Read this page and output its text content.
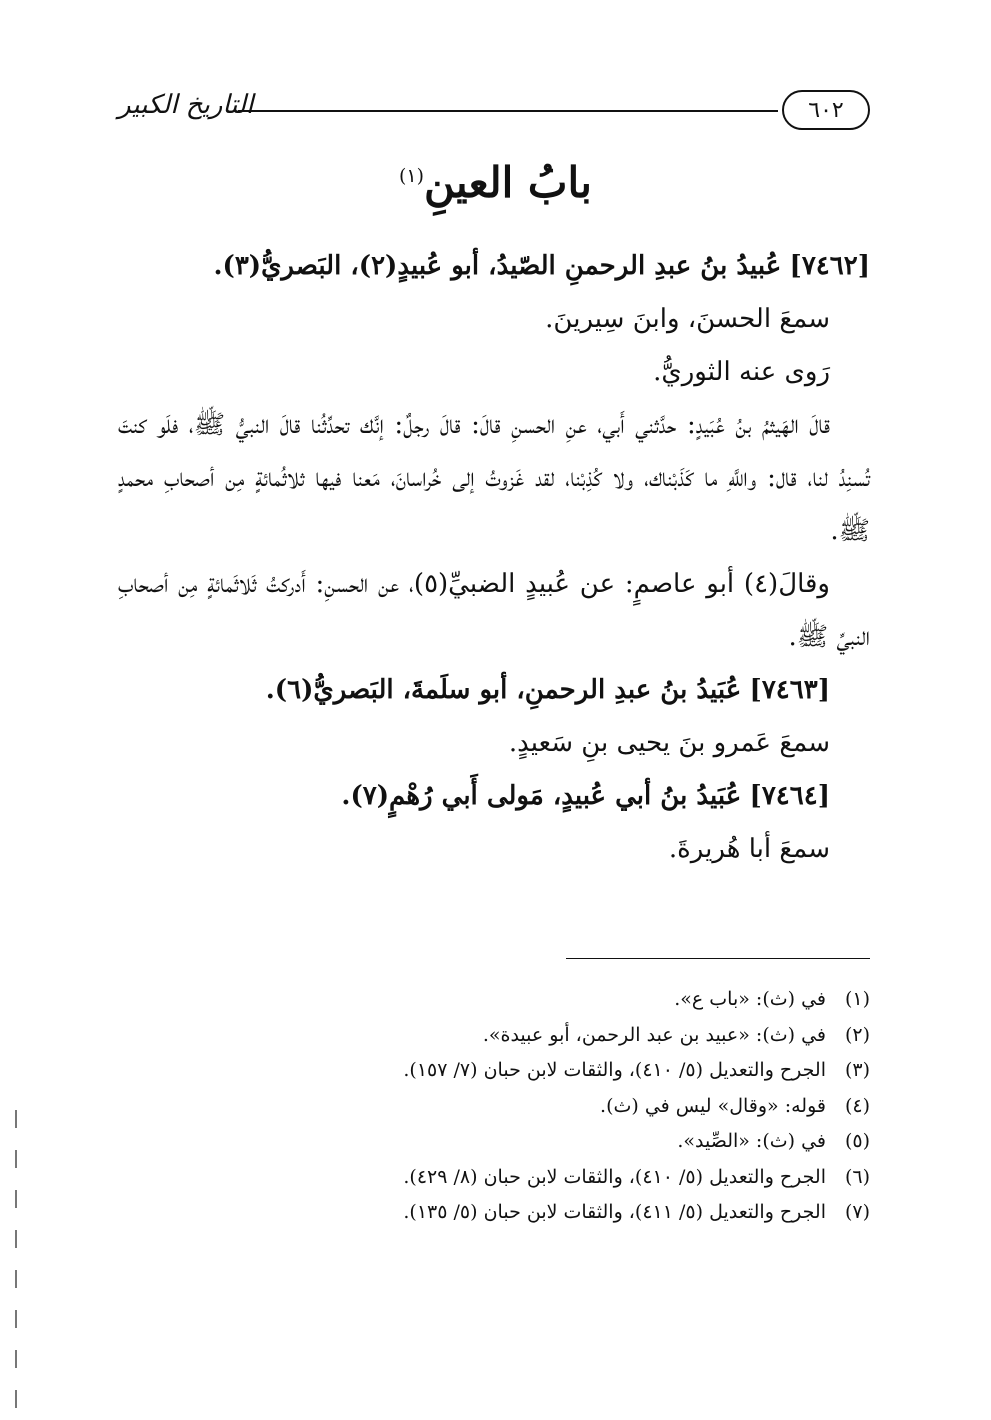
٦٠٢
التاريخ الكبير
بابُ العينِ$^{(١)}$

[٧٤٦٢] عُبيدُ بنُ عبدِ الرحمنِ الصّيدُ، أبو عُبيدٍ(٢)، البَصريُّ(٣).

سمعَ الحسنَ، وابنَ سِيرينَ.

رَوى عنه الثوريُّ.

قالَ الهَيثمُ بنُ عُبَيدٍ: حدَّثني أَبي، عنِ الحسنِ قالَ: قالَ رجلٌ: إنَّك تحدِّثُنا قالَ النبيُّ ﷺ، فلَو كنتَ تُسنِدُ لنا، قال: واللَّهِ ما كَذَبْناك، ولا كُذِبْنا، لقد غَزوتُ إلى خُراسانَ، مَعنا فيها ثلاثُمائةٍ مِن أصحابِ محمدٍ ﷺ.

وقالَ(٤) أبو عاصمٍ: عن عُبيدٍ الضبيِّ(٥)، عن الحسنِ: أَدركتُ ثَلاثَمائةٍ مِن أصحابِ النبيِّ ﷺ.

[٧٤٦٣] عُبَيدُ بنُ عبدِ الرحمنِ، أبو سلَمةَ، البَصريُّ(٦).

سمعَ عَمرو بنَ يحيى بنِ سَعيدٍ.

[٧٤٦٤] عُبَيدُ بنُ أبي عُبيدٍ، مَولى أَبي رُهْمٍ(٧).

سمعَ أبا هُريرةَ.

(١)في (ث): «باب ع».

(٢)في (ث): «عبيد بن عبد الرحمن، أبو عبيدة».

(٣)الجرح والتعديل (٥/ ٤١٠)، والثقات لابن حبان (٧/ ١٥٧).

(٤)قوله: «وقال» ليس في (ث).

(٥)في (ث): «الصِّيد».

(٦)الجرح والتعديل (٥/ ٤١٠)، والثقات لابن حبان (٨/ ٤٢٩).

(٧)الجرح والتعديل (٥/ ٤١١)، والثقات لابن حبان (٥/ ١٣٥).
